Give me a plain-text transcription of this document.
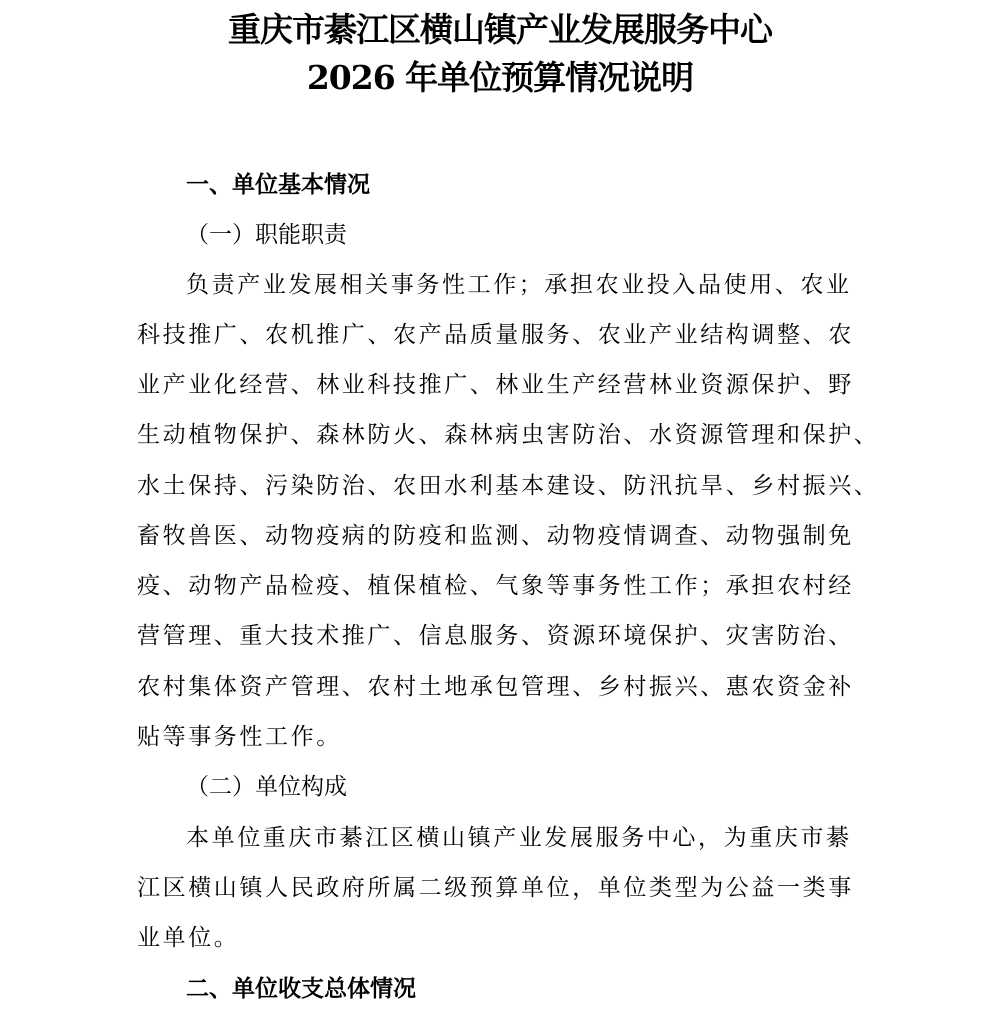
重庆市綦江区横山镇产业发展服务中心
2026 年单位预算情况说明
一、单位基本情况
（一）职能职责
负责产业发展相关事务性工作；承担农业投入品使用、农业
科技推广、农机推广、农产品质量服务、农业产业结构调整、农
业产业化经营、林业科技推广、林业生产经营林业资源保护、野
生动植物保护、森林防火、森林病虫害防治、水资源管理和保护、
水土保持、污染防治、农田水利基本建设、防汛抗旱、乡村振兴、
畜牧兽医、动物疫病的防疫和监测、动物疫情调查、动物强制免
疫、动物产品检疫、植保植检、气象等事务性工作；承担农村经
营管理、重大技术推广、信息服务、资源环境保护、灾害防治、
农村集体资产管理、农村土地承包管理、乡村振兴、惠农资金补
贴等事务性工作。
（二）单位构成
本单位重庆市綦江区横山镇产业发展服务中心，为重庆市綦
江区横山镇人民政府所属二级预算单位，单位类型为公益一类事
业单位。
二、单位收支总体情况
